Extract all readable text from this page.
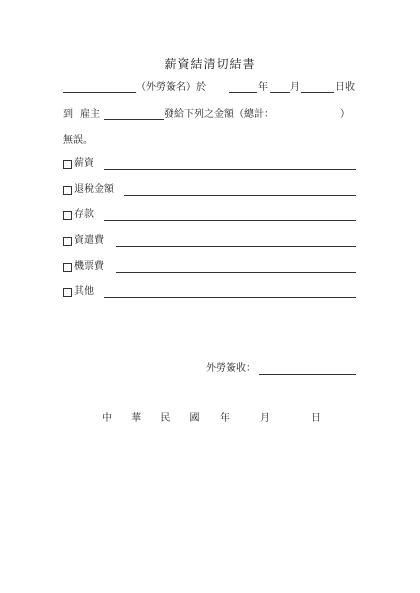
薪資結清切結書
（外勞簽名）於	年 月	日收
到 雇主	發給下列之金額（總計：	）
無誤。
薪資
退稅金額
存款
資遣費
機票費
其他
外勞簽收：
中 華 民 國 年	月	日
